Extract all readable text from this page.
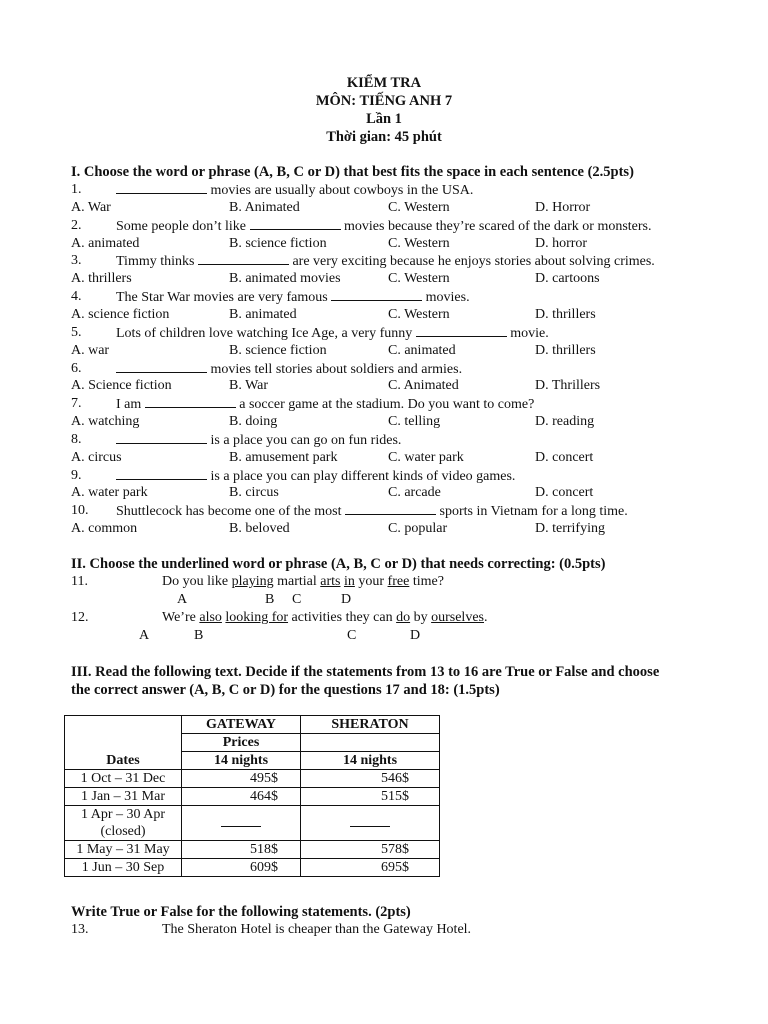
KIỂM TRA
MÔN: TIẾNG ANH 7
Lần 1
Thời gian: 45 phút
I. Choose the word or phrase (A, B, C or D) that best fits the space in each sentence (2.5pts)
1.	movies are usually about cowboys in the USA.
A. War	B. Animated	C. Western	D. Horror
2. Some people don’t like	movies because they’re scared of the dark or monsters.
A. animated	B. science fiction	C. Western	D. horror
3. Timmy thinks	are very exciting because he enjoys stories about solving crimes.
A. thrillers	B. animated movies	C. Western	D. cartoons
4. The Star War movies are very famous	movies.
A. science fiction	B. animated	C. Western	D. thrillers
5. Lots of children love watching Ice Age, a very funny	movie.
A. war	B. science fiction	C. animated	D. thrillers
6.	movies tell stories about soldiers and armies.
A. Science fiction	B. War	C. Animated	D. Thrillers
7. I am	a soccer game at the stadium. Do you want to come?
A. watching	B. doing	C. telling	D. reading
8.	is a place you can go on fun rides.
A. circus	B. amusement park	C. water park	D. concert
9.	is a place you can play different kinds of video games.
A. water park	B. circus	C. arcade	D. concert
10. Shuttlecock has become one of the most	sports in Vietnam for a long time.
A. common	B. beloved	C. popular	D. terrifying
II. Choose the underlined word or phrase (A, B, C or D) that needs correcting: (0.5pts)
11.	Do you like playing martial arts in your free time?
A	B C	D
12.	We’re also looking for activities they can do by ourselves.
A	B	C	D
III. Read the following text. Decide if the statements from 13 to 16 are True or False and choose
the correct answer (A, B, C or D) for the questions 17 and 18: (1.5pts)
	GATEWAY	SHERATON
	Prices	
Dates	14 nights	14 nights
1 Oct – 31 Dec	495$	546$
1 Jan – 31 Mar	464$	515$

1 Apr – 30 Apr
(closed)		

1 May – 31 May	518$	578$
1 Jun – 30 Sep	609$	695$
Write True or False for the following statements. (2pts)
13.	The Sheraton Hotel is cheaper than the Gateway Hotel.
